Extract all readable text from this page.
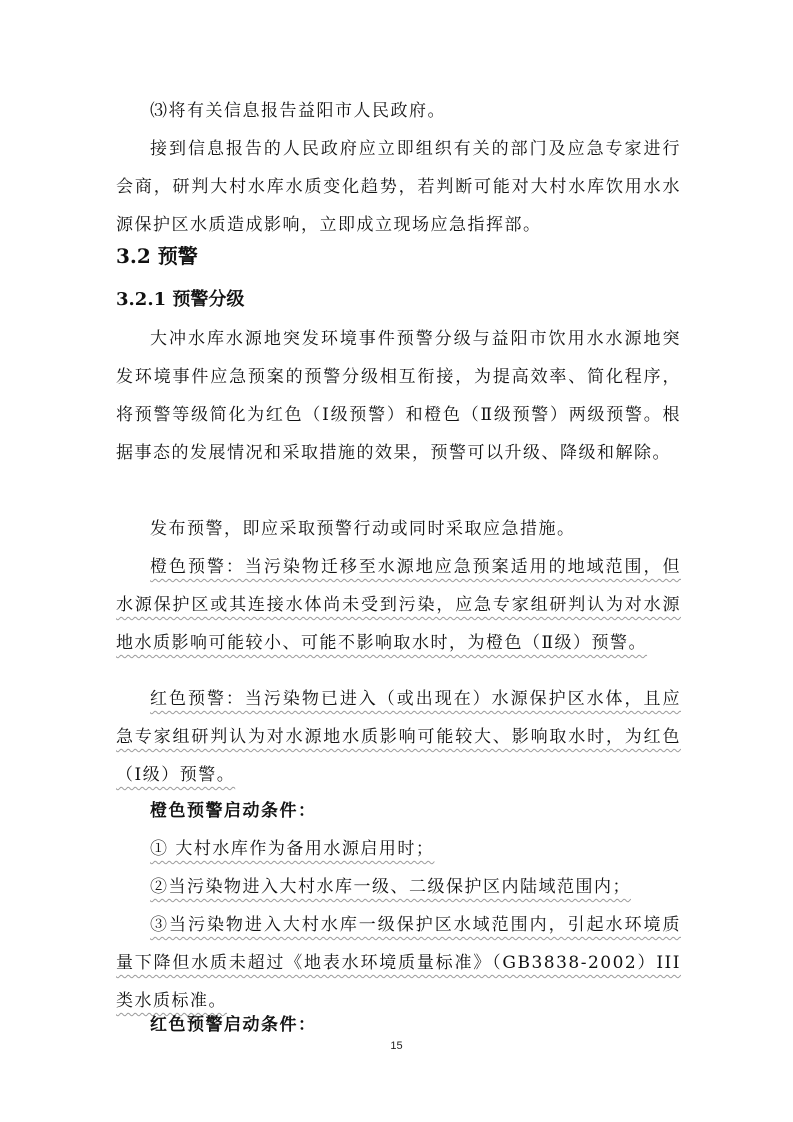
⑶将有关信息报告益阳市人民政府。

接到信息报告的人民政府应立即组织有关的部门及应急专家进行会商，研判大村水库水质变化趋势，若判断可能对大村水库饮用水水源保护区水质造成影响，立即成立现场应急指挥部。

3.2 预警
3.2.1 预警分级

大冲水库水源地突发环境事件预警分级与益阳市饮用水水源地突发环境事件应急预案的预警分级相互衔接，为提高效率、简化程序，将预警等级简化为红色（Ⅰ级预警）和橙色（Ⅱ级预警）两级预警。根据事态的发展情况和采取措施的效果，预警可以升级、降级和解除。

发布预警，即应采取预警行动或同时采取应急措施。

橙色预警：当污染物迁移至水源地应急预案适用的地域范围，但水源保护区或其连接水体尚未受到污染，应急专家组研判认为对水源地水质影响可能较小、可能不影响取水时，为橙色（Ⅱ级）预警。

红色预警：当污染物已进入（或出现在）水源保护区水体，且应急专家组研判认为对水源地水质影响可能较大、影响取水时，为红色（Ⅰ级）预警。

橙色预警启动条件：

① 大村水库作为备用水源启用时；

②当污染物进入大村水库一级、二级保护区内陆域范围内；

③当污染物进入大村水库一级保护区水域范围内，引起水环境质量下降但水质未超过《地表水环境质量标准》（GB3838-2002）III类水质标准。

红色预警启动条件：

15
